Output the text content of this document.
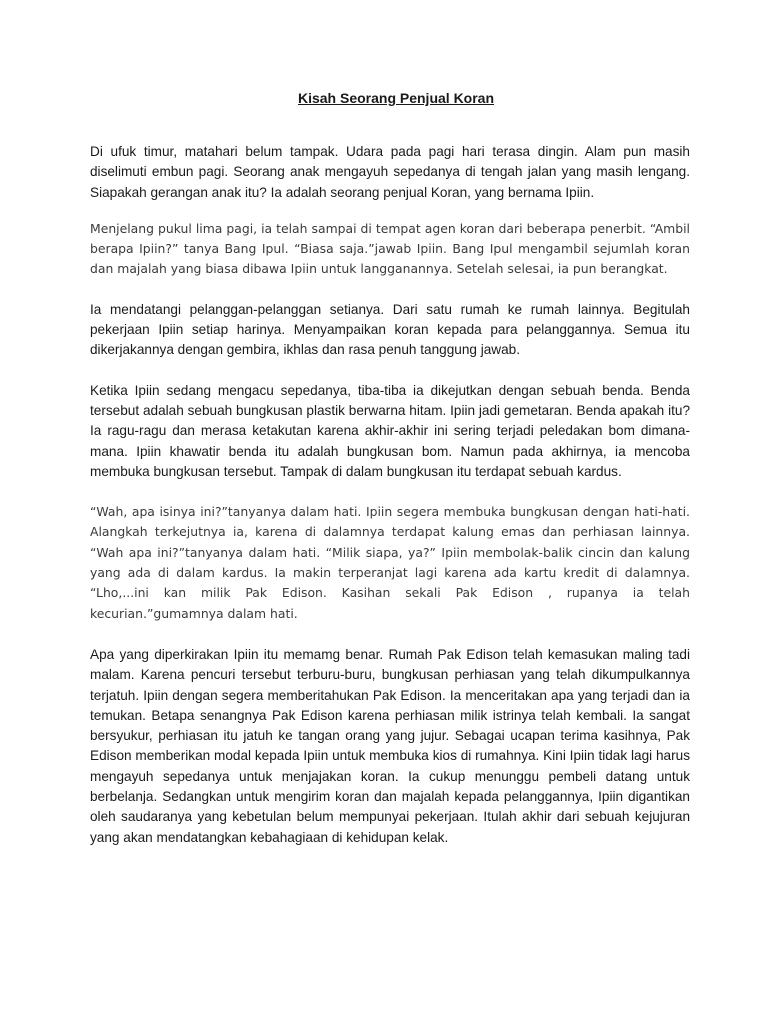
Kisah Seorang Penjual Koran

Di ufuk timur, matahari belum tampak. Udara pada pagi hari terasa dingin. Alam pun masih diselimuti embun pagi. Seorang anak mengayuh sepedanya di tengah jalan yang masih lengang. Siapakah gerangan anak itu? Ia adalah seorang penjual Koran, yang bernama Ipiin.

Menjelang pukul lima pagi, ia telah sampai di tempat agen koran dari beberapa penerbit. “Ambil berapa Ipiin?” tanya Bang Ipul. “Biasa saja.”jawab Ipiin. Bang Ipul mengambil sejumlah koran dan majalah yang biasa dibawa Ipiin untuk langganannya. Setelah selesai, ia pun berangkat.

Ia mendatangi pelanggan-pelanggan setianya. Dari satu rumah ke rumah lainnya. Begitulah pekerjaan Ipiin setiap harinya. Menyampaikan koran kepada para pelanggannya. Semua itu dikerjakannya dengan gembira, ikhlas dan rasa penuh tanggung jawab.

Ketika Ipiin sedang mengacu sepedanya, tiba-tiba ia dikejutkan dengan sebuah benda. Benda tersebut adalah sebuah bungkusan plastik berwarna hitam. Ipiin jadi gemetaran. Benda apakah itu? Ia ragu-ragu dan merasa ketakutan karena akhir-akhir ini sering terjadi peledakan bom dimana-mana. Ipiin khawatir benda itu adalah bungkusan bom. Namun pada akhirnya, ia mencoba membuka bungkusan tersebut. Tampak di dalam bungkusan itu terdapat sebuah kardus.

“Wah, apa isinya ini?”tanyanya dalam hati. Ipiin segera membuka bungkusan dengan hati-hati. Alangkah terkejutnya ia, karena di dalamnya terdapat kalung emas dan perhiasan lainnya. “Wah apa ini?”tanyanya dalam hati. “Milik siapa, ya?” Ipiin membolak-balik cincin dan kalung yang ada di dalam kardus. Ia makin terperanjat lagi karena ada kartu kredit di dalamnya. “Lho,...ini kan milik Pak Edison. Kasihan sekali Pak Edison , rupanya ia telah kecurian.”gumamnya dalam hati.

Apa yang diperkirakan Ipiin itu memamg benar. Rumah Pak Edison telah kemasukan maling tadi malam. Karena pencuri tersebut terburu-buru, bungkusan perhiasan yang telah dikumpulkannya terjatuh. Ipiin dengan segera memberitahukan Pak Edison. Ia menceritakan apa yang terjadi dan ia temukan. Betapa senangnya Pak Edison karena perhiasan milik istrinya telah kembali. Ia sangat bersyukur, perhiasan itu jatuh ke tangan orang yang jujur. Sebagai ucapan terima kasihnya, Pak Edison memberikan modal kepada Ipiin untuk membuka kios di rumahnya. Kini Ipiin tidak lagi harus mengayuh sepedanya untuk menjajakan koran. Ia cukup menunggu pembeli datang untuk berbelanja. Sedangkan untuk mengirim koran dan majalah kepada pelanggannya, Ipiin digantikan oleh saudaranya yang kebetulan belum mempunyai pekerjaan. Itulah akhir dari sebuah kejujuran yang akan mendatangkan kebahagiaan di kehidupan kelak.
